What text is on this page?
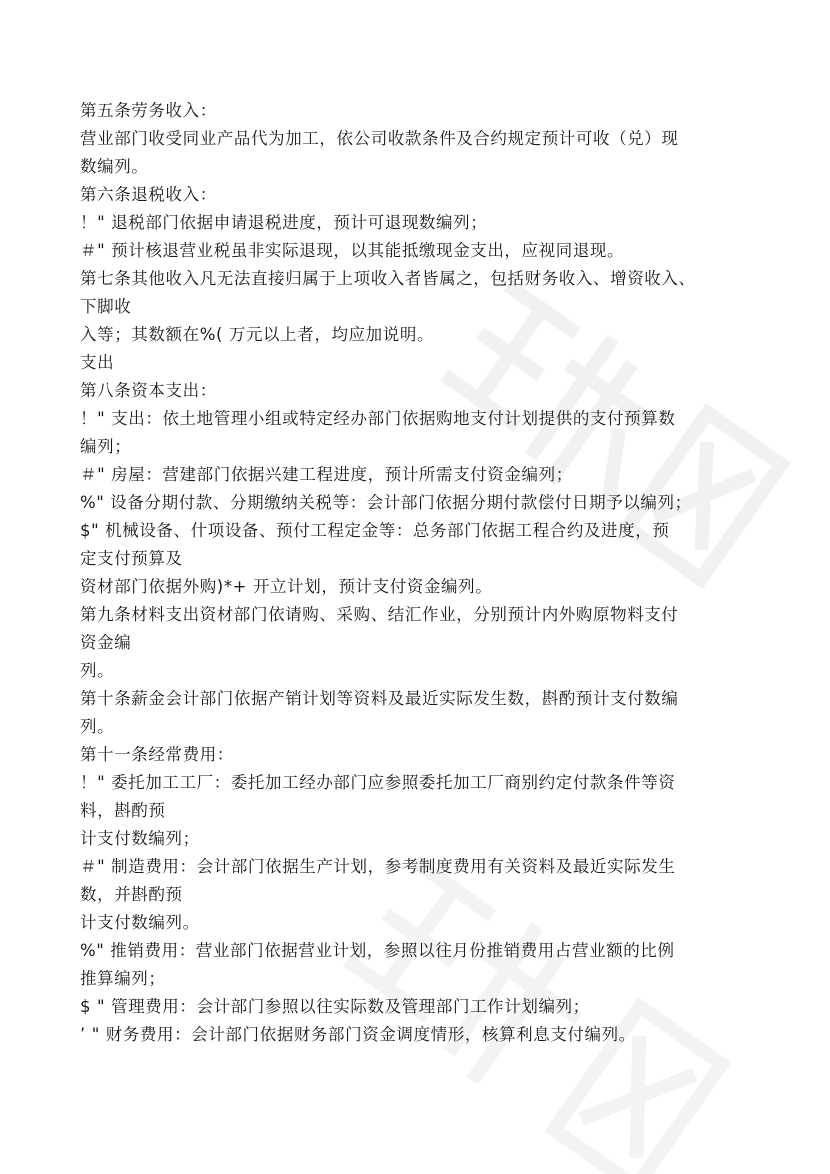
第五条劳务收入：

营业部门收受同业产品代为加工，依公司收款条件及合约规定预计可收（兑）现

数编列。

第六条退税收入：

！" 退税部门依据申请退税进度，预计可退现数编列；

＃" 预计核退营业税虽非实际退现，以其能抵缴现金支出，应视同退现。

第七条其他收入凡无法直接归属于上项收入者皆属之，包括财务收入、增资收入、

下脚收

入等；其数额在%( 万元以上者，均应加说明。

支出

第八条资本支出：

！" 支出：依土地管理小组或特定经办部门依据购地支付计划提供的支付预算数

编列；

＃" 房屋：营建部门依据兴建工程进度，预计所需支付资金编列；

%" 设备分期付款、分期缴纳关税等：会计部门依据分期付款偿付日期予以编列；

$" 机械设备、什项设备、预付工程定金等：总务部门依据工程合约及进度，预

定支付预算及

资材部门依据外购)*+ 开立计划，预计支付资金编列。

第九条材料支出资材部门依请购、采购、结汇作业，分别预计内外购原物料支付

资金编

列。

第十条薪金会计部门依据产销计划等资料及最近实际发生数，斟酌预计支付数编

列。

第十一条经常费用：

！" 委托加工工厂：委托加工经办部门应参照委托加工厂商别约定付款条件等资

料，斟酌预

计支付数编列；

＃" 制造费用：会计部门依据生产计划，参考制度费用有关资料及最近实际发生

数，并斟酌预

计支付数编列。

%" 推销费用：营业部门依据营业计划，参照以往月份推销费用占营业额的比例

推算编列；

$ " 管理费用：会计部门参照以往实际数及管理部门工作计划编列；

’ " 财务费用：会计部门依据财务部门资金调度情形，核算利息支付编列。
